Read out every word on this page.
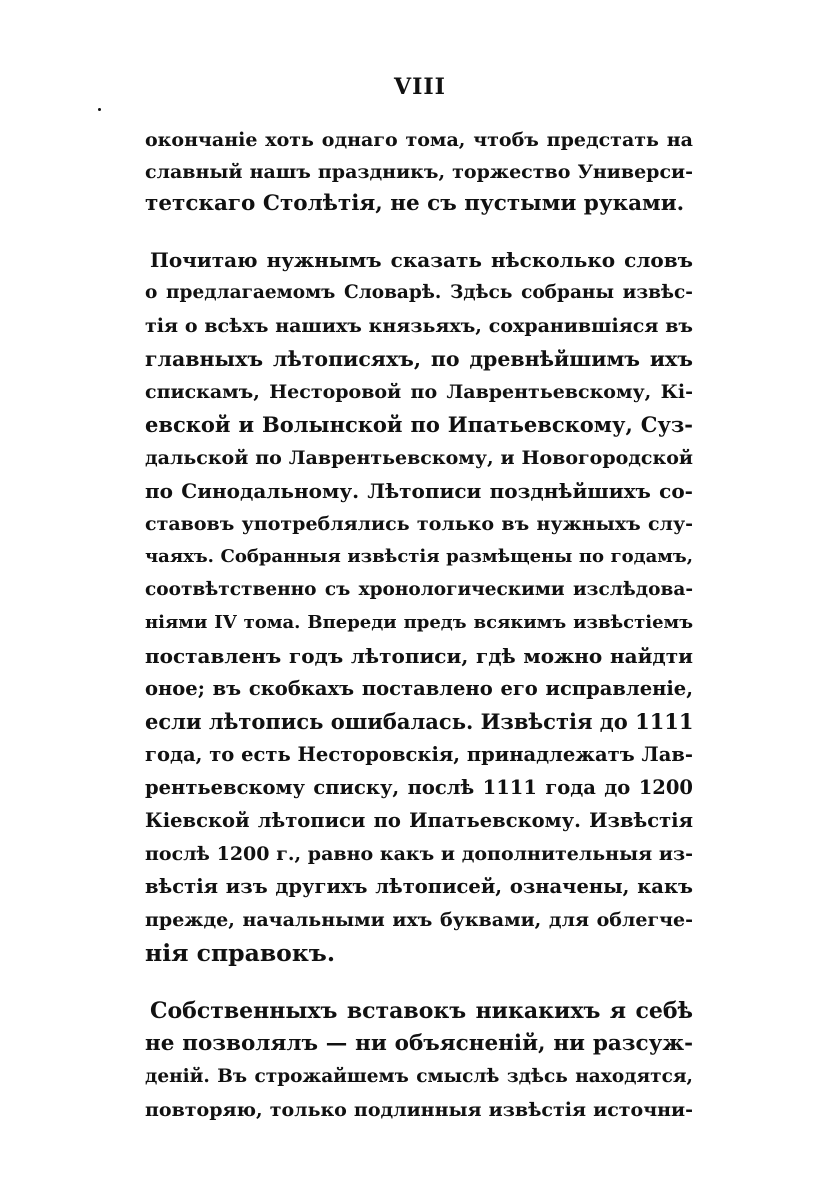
VIII
окончаніе хоть однаго тома, чтобъ предстать на
славный нашъ праздникъ, торжество Универси-
тетскаго Столѣтія, не съ пустыми руками.
Почитаю нужнымъ сказать нѣсколько словъ
о предлагаемомъ Словарѣ. Здѣсь собраны извѣс-
тія о всѣхъ нашихъ князьяхъ, сохранившіяся въ
главныхъ лѣтописяхъ, по древнѣйшимъ ихъ
спискамъ, Несторовой по Лаврентьевскому, Кі-
евской и Волынской по Ипатьевскому, Суз-
дальской по Лаврентьевскому, и Новогородской
по Синодальному. Лѣтописи позднѣйшихъ со-
ставовъ употреблялись только въ нужныхъ слу-
чаяхъ. Собранныя извѣстія размѣщены по годамъ,
соотвѣтственно съ хронологическими изслѣдова-
ніями IV тома. Впереди предъ всякимъ извѣстіемъ
поставленъ годъ лѣтописи, гдѣ можно найдти
оное; въ скобкахъ поставлено его исправленіе,
если лѣтопись ошибалась. Извѣстія до 1111
года, то есть Несторовскія, принадлежатъ Лав-
рентьевскому списку, послѣ 1111 года до 1200
Кіевской лѣтописи по Ипатьевскому. Извѣстія
послѣ 1200 г., равно какъ и дополнительныя из-
вѣстія изъ другихъ лѣтописей, означены, какъ
прежде, начальными ихъ буквами, для облегче-
нія справокъ.
Собственныхъ вставокъ никакихъ я себѣ
не позволялъ — ни объясненій, ни разсуж-
деній. Въ строжайшемъ смыслѣ здѣсь находятся,
повторяю, только подлинныя извѣстія источни-
